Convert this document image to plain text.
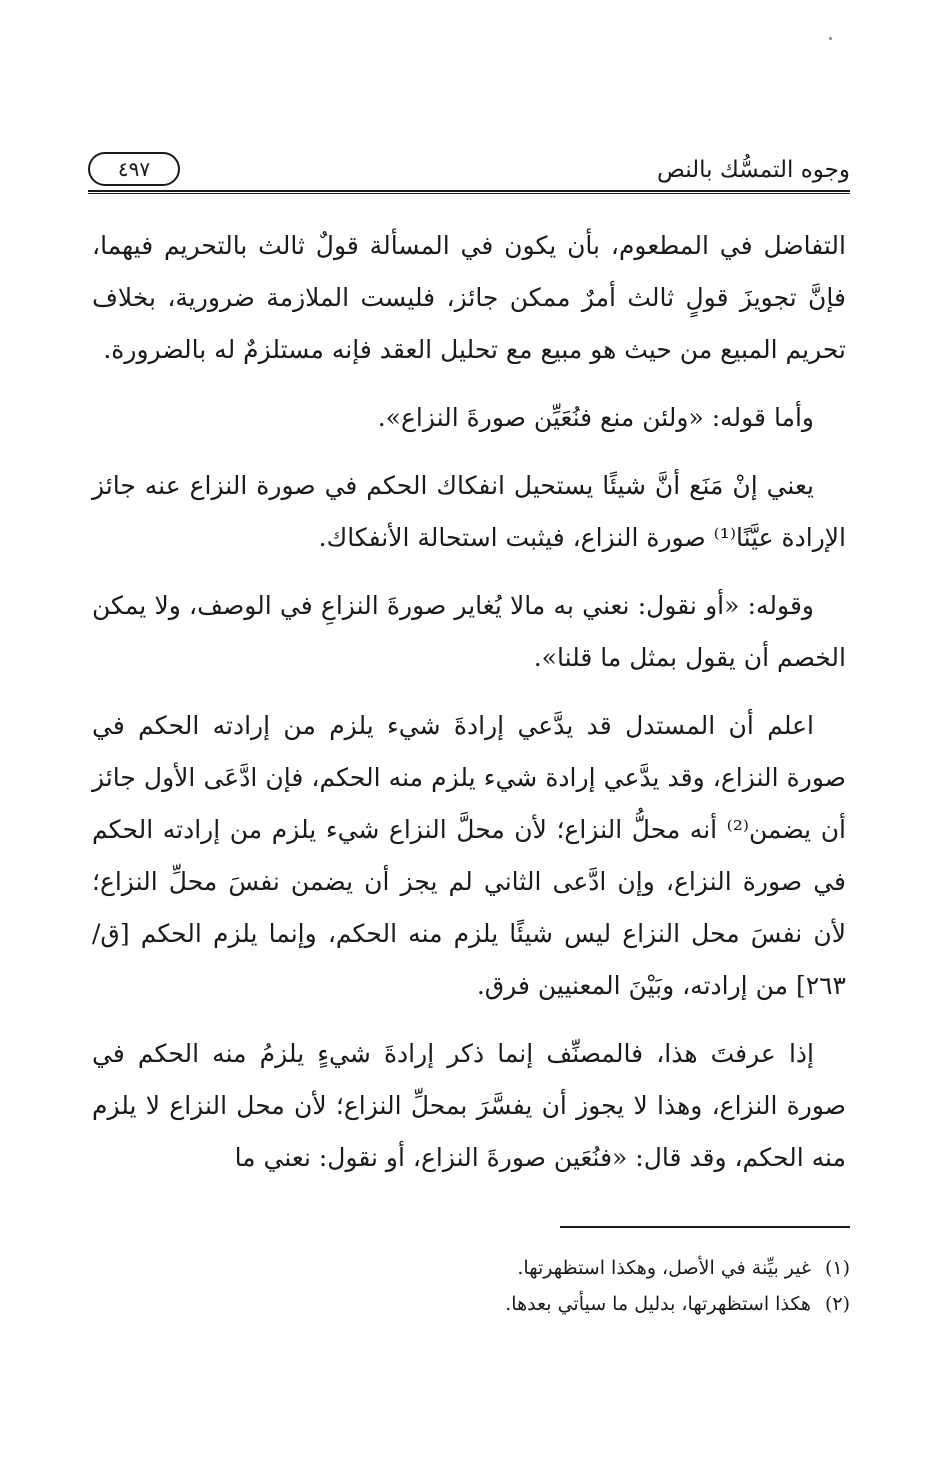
وجوه التمسُّك بالنص
٤٩٧

التفاضل في المطعوم، بأن يكون في المسألة قولٌ ثالث بالتحريم فيهما، فإنَّ تجويزَ قولٍ ثالث أمرٌ ممكن جائز، فليست الملازمة ضرورية، بخلاف تحريم المبيع من حيث هو مبيع مع تحليل العقد فإنه مستلزمٌ له بالضرورة.

وأما قوله: «ولئن منع فنُعَيِّن صورةَ النزاع».

يعني إنْ مَنَع أنَّ شيئًا يستحيل انفكاك الحكم في صورة النزاع عنه جائز الإرادة عيَّنًا⁽¹⁾ صورة النزاع، فيثبت استحالة الأنفكاك.

وقوله: «أو نقول: نعني به مالا يُغاير صورةَ النزاعِ في الوصف، ولا يمكن الخصم أن يقول بمثل ما قلنا».

اعلم أن المستدل قد يدَّعي إرادةَ شيء يلزم من إرادته الحكم في صورة النزاع، وقد يدَّعي إرادة شيء يلزم منه الحكم، فإن ادَّعَى الأول جائز أن يضمن⁽²⁾ أنه محلُّ النزاع؛ لأن محلَّ النزاع شيء يلزم من إرادته الحكم في صورة النزاع، وإن ادَّعى الثاني لم يجز أن يضمن نفسَ محلِّ النزاع؛ لأن نفسَ محل النزاع ليس شيئًا يلزم منه الحكم، وإنما يلزم الحكم [ق/ ٢٦٣] من إرادته، وبَيْنَ المعنيين فرق.

إذا عرفتَ هذا، فالمصنِّف إنما ذكر إرادةَ شيءٍ يلزمُ منه الحكم في صورة النزاع، وهذا لا يجوز أن يفسَّرَ بمحلِّ النزاع؛ لأن محل النزاع لا يلزم منه الحكم، وقد قال: «فنُعَين صورةَ النزاع، أو نقول: نعني ما

(١)غير بيِّنة في الأصل، وهكذا استظهرتها.
(٢)هكذا استظهرتها، بدليل ما سيأتي بعدها.
